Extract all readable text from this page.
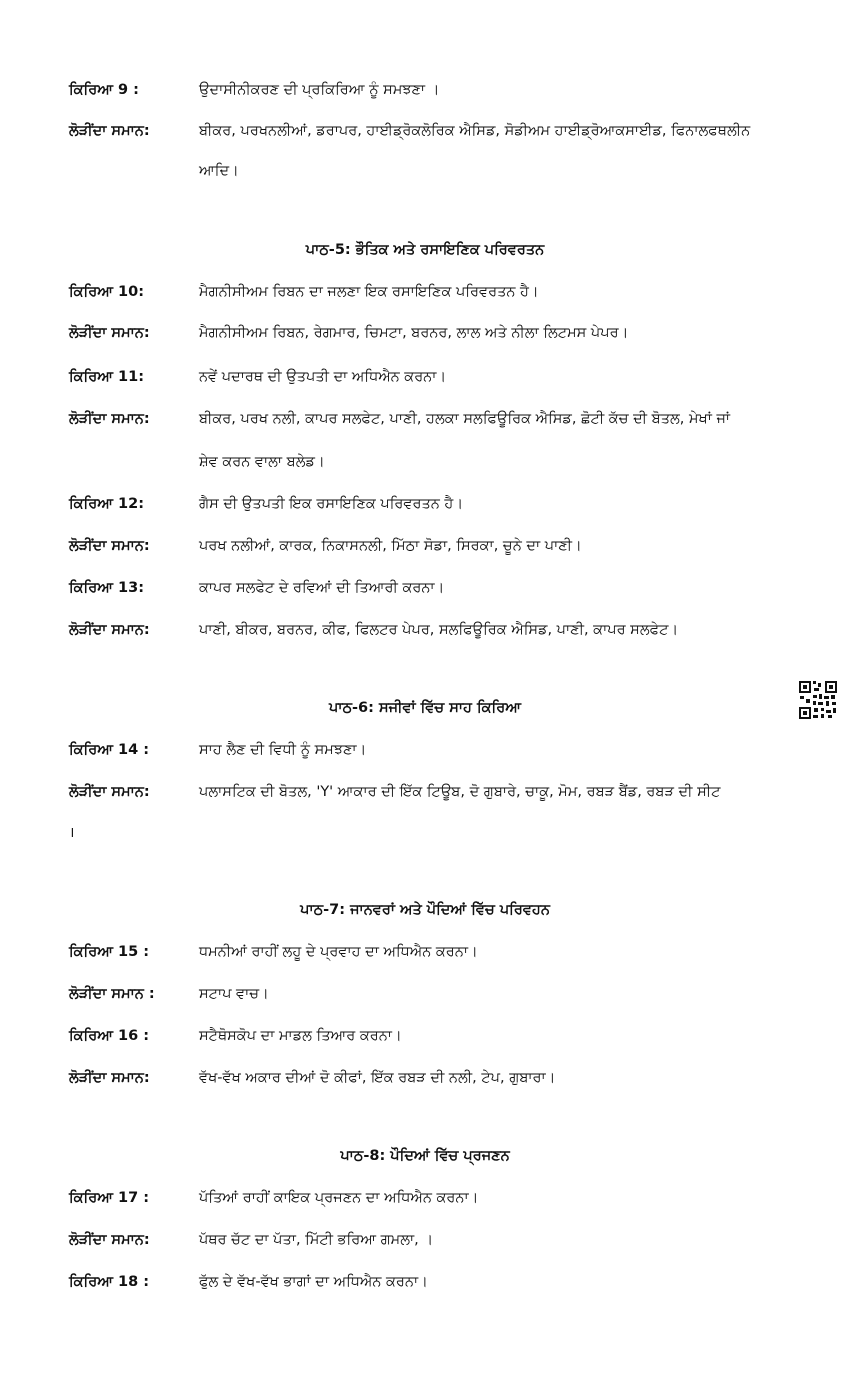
ਕਿਰਿਆ 9 :	ਉਦਾਸੀਨੀਕਰਣ ਦੀ ਪ੍ਰਕਿਰਿਆ ਨੂੰ ਸਮਝਣਾ ।
ਲੋੜੀਂਦਾ ਸਮਾਨ:	ਬੀਕਰ, ਪਰਖਨਲੀਆਂ, ਡਰਾਪਰ, ਹਾਈਡ੍ਰੋਕਲੋਰਿਕ ਐਸਿਡ, ਸੋਡੀਅਮ ਹਾਈਡ੍ਰੋਆਕਸਾਈਡ, ਫਿਨਾਲਫਥਲੀਨ
ਆਦਿ।
ਪਾਠ-5: ਭੌਤਿਕ ਅਤੇ ਰਸਾਇਣਿਕ ਪਰਿਵਰਤਨ
ਕਿਰਿਆ 10:	ਮੈਗਨੀਸੀਅਮ ਰਿਬਨ ਦਾ ਜਲਣਾ ਇਕ ਰਸਾਇਣਿਕ ਪਰਿਵਰਤਨ ਹੈ।
ਲੋੜੀਂਦਾ ਸਮਾਨ:	ਮੈਗਨੀਸੀਅਮ ਰਿਬਨ, ਰੇਗਮਾਰ, ਚਿਮਟਾ, ਬਰਨਰ, ਲਾਲ ਅਤੇ ਨੀਲਾ ਲਿਟਮਸ ਪੇਪਰ।
ਕਿਰਿਆ 11:	ਨਵੇਂ ਪਦਾਰਥ ਦੀ ਉਤਪਤੀ ਦਾ ਅਧਿਐਨ ਕਰਨਾ।
ਲੋੜੀਂਦਾ ਸਮਾਨ:	ਬੀਕਰ, ਪਰਖ ਨਲੀ, ਕਾਪਰ ਸਲਫੇਟ, ਪਾਣੀ, ਹਲਕਾ ਸਲਫਿਊਰਿਕ ਐਸਿਡ, ਛੋਟੀ ਕੱਚ ਦੀ ਬੋਤਲ, ਮੇਖਾਂ ਜਾਂ
ਸ਼ੇਵ ਕਰਨ ਵਾਲਾ ਬਲੇਡ।
ਕਿਰਿਆ 12:	ਗੈਸ ਦੀ ਉਤਪਤੀ ਇਕ ਰਸਾਇਣਿਕ ਪਰਿਵਰਤਨ ਹੈ।
ਲੋੜੀਂਦਾ ਸਮਾਨ:	ਪਰਖ ਨਲੀਆਂ, ਕਾਰਕ, ਨਿਕਾਸਨਲੀ, ਮਿੱਠਾ ਸੋਡਾ, ਸਿਰਕਾ, ਚੂਨੇ ਦਾ ਪਾਣੀ।
ਕਿਰਿਆ 13:	ਕਾਪਰ ਸਲਫੇਟ ਦੇ ਰਵਿਆਂ ਦੀ ਤਿਆਰੀ ਕਰਨਾ।
ਲੋੜੀਂਦਾ ਸਮਾਨ:	ਪਾਣੀ, ਬੀਕਰ, ਬਰਨਰ, ਕੀਫ, ਫਿਲਟਰ ਪੇਪਰ, ਸਲਫਿਊਰਿਕ ਐਸਿਡ, ਪਾਣੀ, ਕਾਪਰ ਸਲਫੇਟ।
ਪਾਠ-6: ਸਜੀਵਾਂ ਵਿੱਚ ਸਾਹ ਕਿਰਿਆ
ਕਿਰਿਆ 14 :	ਸਾਹ ਲੈਣ ਦੀ ਵਿਧੀ ਨੂੰ ਸਮਝਣਾ।
ਲੋੜੀਂਦਾ ਸਮਾਨ:	ਪਲਾਸਟਿਕ ਦੀ ਬੋਤਲ, 'Y' ਆਕਾਰ ਦੀ ਇੱਕ ਟਿਊਬ, ਦੋ ਗੁਬਾਰੇ, ਚਾਕੂ, ਮੋਮ, ਰਬੜ ਬੈਂਡ, ਰਬੜ ਦੀ ਸੀਟ
।
ਪਾਠ-7: ਜਾਨਵਰਾਂ ਅਤੇ ਪੌਦਿਆਂ ਵਿੱਚ ਪਰਿਵਹਨ
ਕਿਰਿਆ 15 :	ਧਮਨੀਆਂ ਰਾਹੀਂ ਲਹੂ ਦੇ ਪ੍ਰਵਾਹ ਦਾ ਅਧਿਐਨ ਕਰਨਾ।
ਲੋੜੀਂਦਾ ਸਮਾਨ :	ਸਟਾਪ ਵਾਚ।
ਕਿਰਿਆ 16 :	ਸਟੈਥੋਸਕੋਪ ਦਾ ਮਾਡਲ ਤਿਆਰ ਕਰਨਾ।
ਲੋੜੀਂਦਾ ਸਮਾਨ:	ਵੱਖ-ਵੱਖ ਅਕਾਰ ਦੀਆਂ ਦੋ ਕੀਫਾਂ, ਇੱਕ ਰਬੜ ਦੀ ਨਲੀ, ਟੇਪ, ਗੁਬਾਰਾ।
ਪਾਠ-8: ਪੌਦਿਆਂ ਵਿੱਚ ਪ੍ਰਜਣਨ
ਕਿਰਿਆ 17 :	ਪੱਤਿਆਂ ਰਾਹੀਂ ਕਾਇਕ ਪ੍ਰਜਣਨ ਦਾ ਅਧਿਐਨ ਕਰਨਾ।
ਲੋੜੀਂਦਾ ਸਮਾਨ:	ਪੱਥਰ ਚੱਟ ਦਾ ਪੱਤਾ, ਮਿੱਟੀ ਭਰਿਆ ਗਮਲਾ, ।
ਕਿਰਿਆ 18 :	ਫੁੱਲ ਦੇ ਵੱਖ-ਵੱਖ ਭਾਗਾਂ ਦਾ ਅਧਿਐਨ ਕਰਨਾ।
